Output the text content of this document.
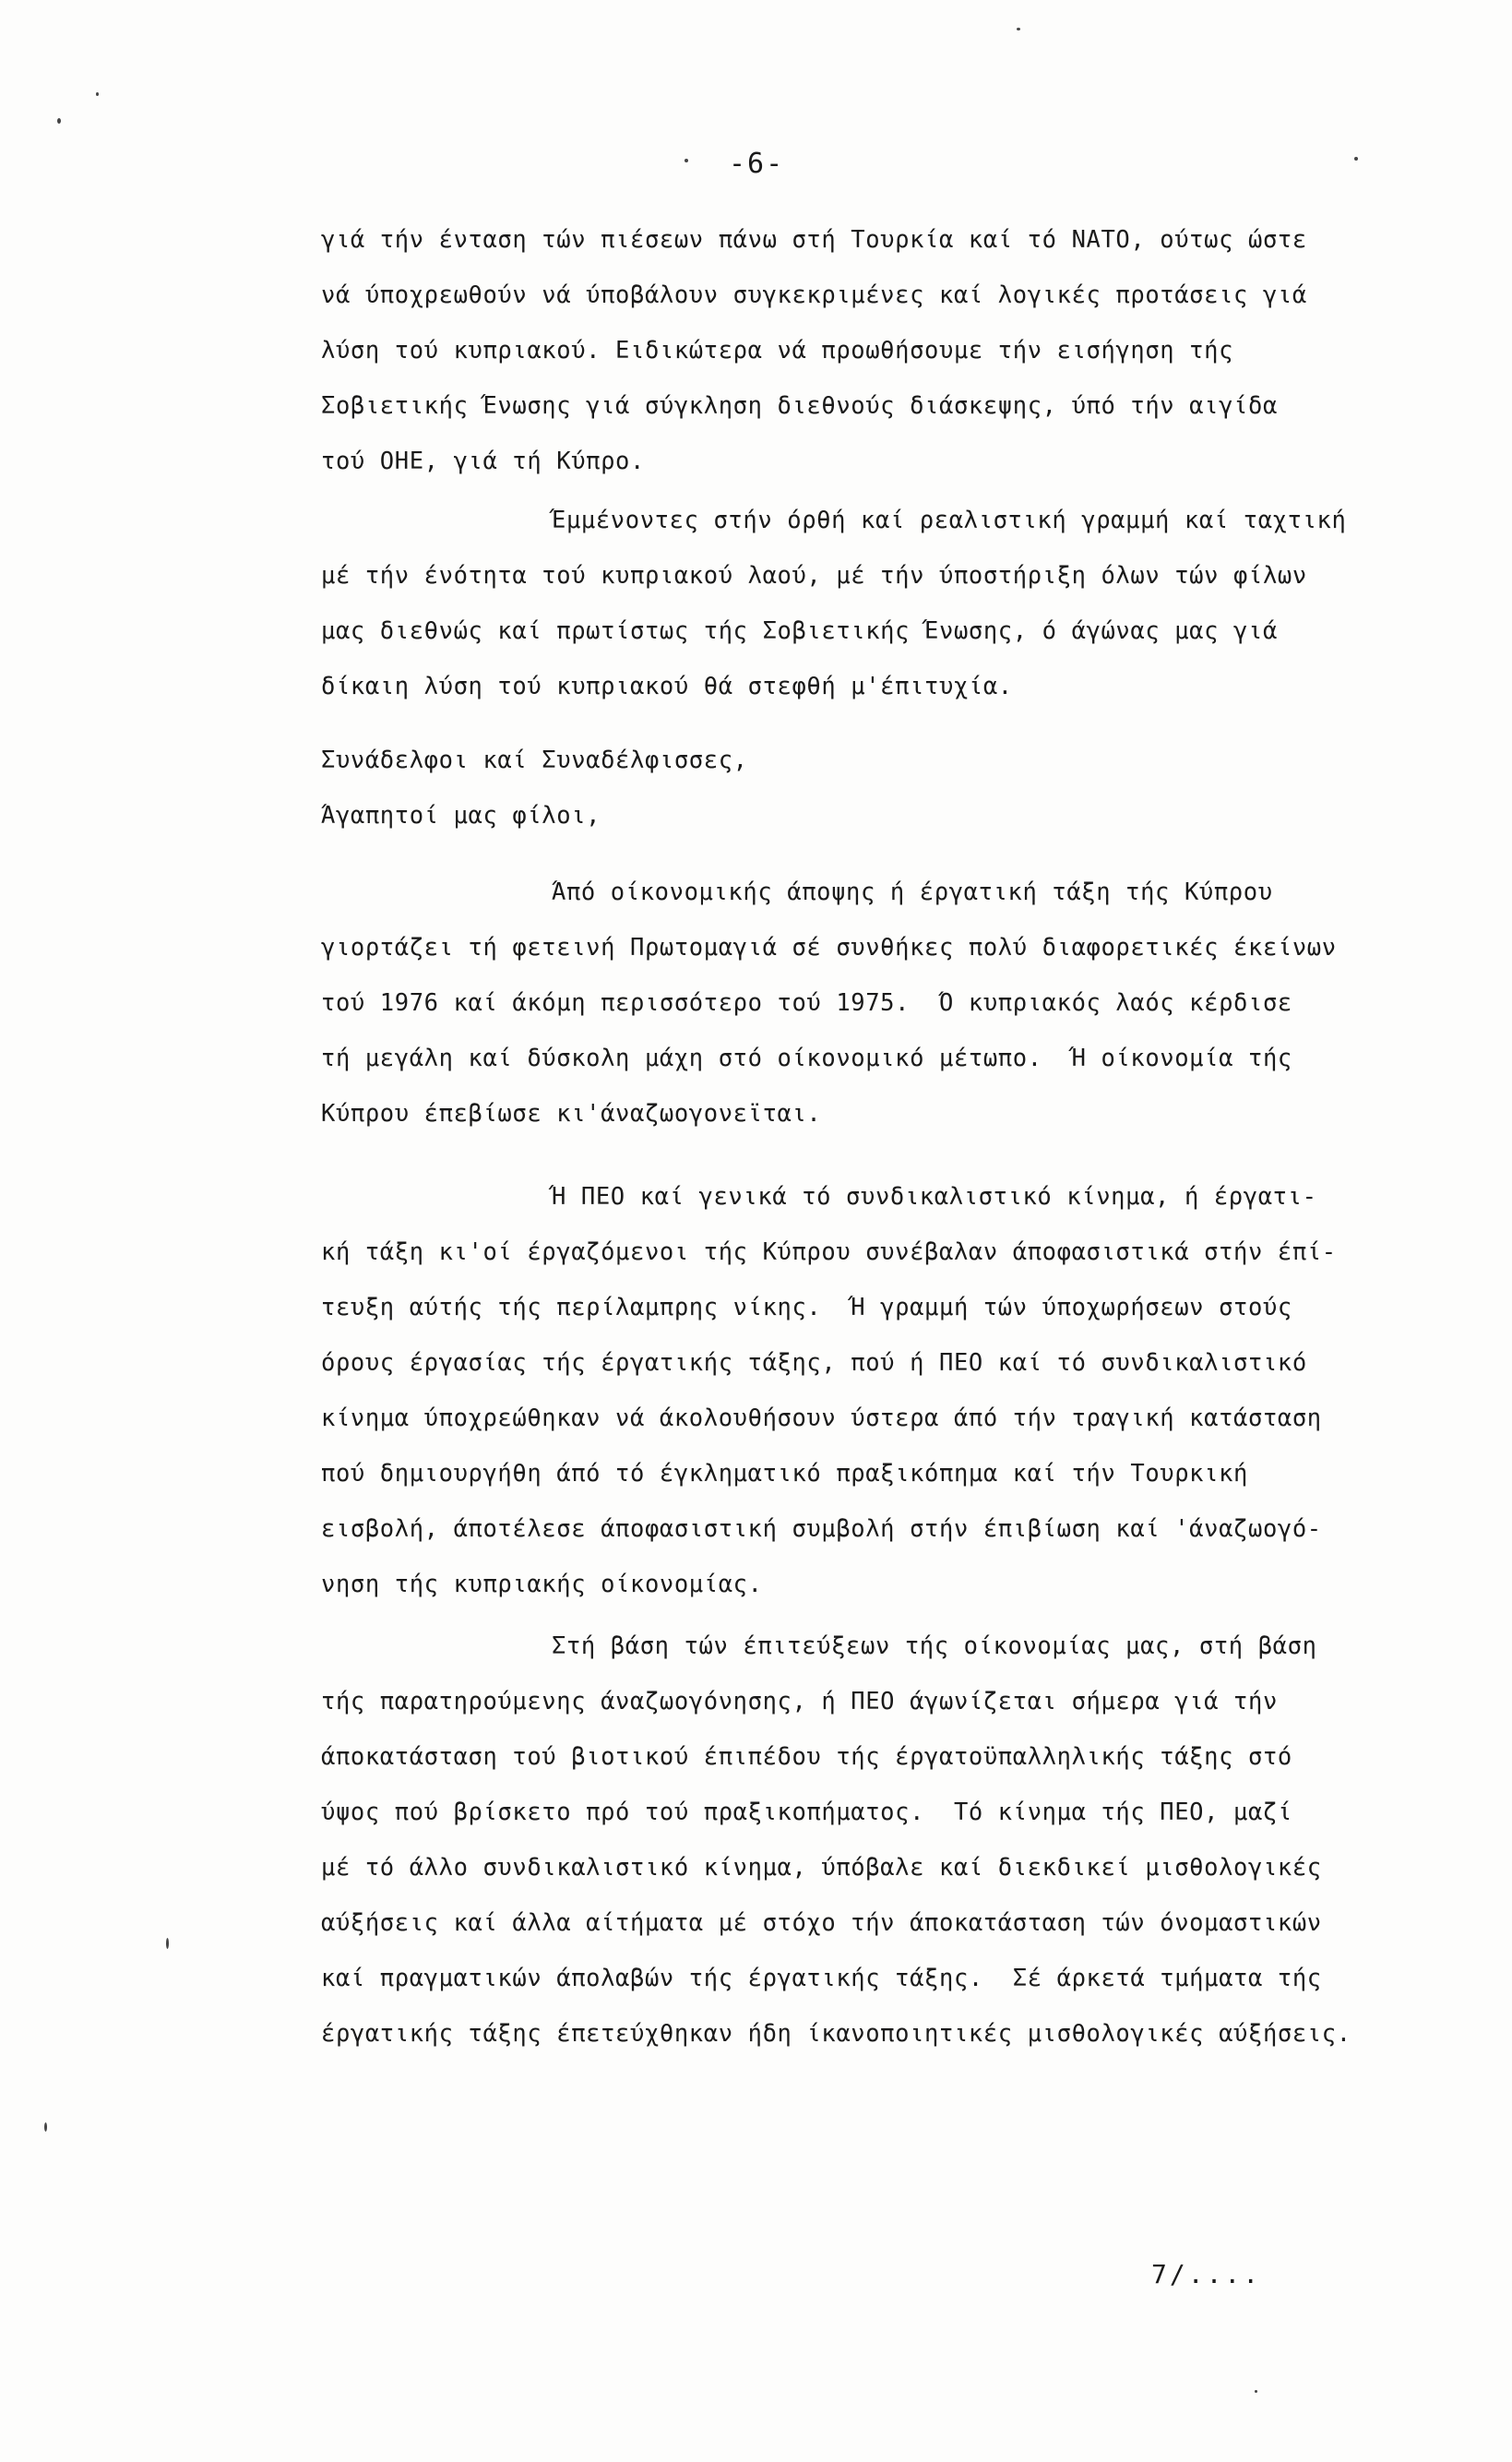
-6-
γιά τήν ένταση τών πιέσεων πάνω στή Τουρκία καί τό ΝΑΤΟ, ούτως ώστε
νά ύποχρεωθούν νά ύποβάλουν συγκεκριμένες καί λογικές προτάσεις γιά
λύση τού κυπριακού. Ειδικώτερα νά προωθήσουμε τήν εισήγηση τής
Σοβιετικής Ένωσης γιά σύγκληση διεθνούς διάσκεψης, ύπό τήν αιγίδα
τού ΟΗΕ, γιά τή Κύπρο.
Έμμένοντες στήν όρθή καί ρεαλιστική γραμμή καί ταχτική
μέ τήν ένότητα τού κυπριακού λαού, μέ τήν ύποστήριξη όλων τών φίλων
μας διεθνώς καί πρωτίστως τής Σοβιετικής Ένωσης, ό άγώνας μας γιά
δίκαιη λύση τού κυπριακού θά στεφθή μ'έπιτυχία.
Συνάδελφοι καί Συναδέλφισσες,
Άγαπητοί μας φίλοι,
Άπό οίκονομικής άποψης ή έργατική τάξη τής Κύπρου
γιορτάζει τή φετεινή Πρωτομαγιά σέ συνθήκες πολύ διαφορετικές έκείνων
τού 1976 καί άκόμη περισσότερο τού 1975.  Ό κυπριακός λαός κέρδισε
τή μεγάλη καί δύσκολη μάχη στό οίκονομικό μέτωπο.  Ή οίκονομία τής
Κύπρου έπεβίωσε κι'άναζωογονεϊται.
Ή ΠΕΟ καί γενικά τό συνδικαλιστικό κίνημα, ή έργατι-
κή τάξη κι'οί έργαζόμενοι τής Κύπρου συνέβαλαν άποφασιστικά στήν έπί-
τευξη αύτής τής περίλαμπρης νίκης.  Ή γραμμή τών ύποχωρήσεων στούς
όρους έργασίας τής έργατικής τάξης, πού ή ΠΕΟ καί τό συνδικαλιστικό
κίνημα ύποχρεώθηκαν νά άκολουθήσουν ύστερα άπό τήν τραγική κατάσταση
πού δημιουργήθη άπό τό έγκληματικό πραξικόπημα καί τήν Τουρκική
εισβολή, άποτέλεσε άποφασιστική συμβολή στήν έπιβίωση καί 'άναζωογό-
νηση τής κυπριακής οίκονομίας.
Στή βάση τών έπιτεύξεων τής οίκονομίας μας, στή βάση
τής παρατηρούμενης άναζωογόνησης, ή ΠΕΟ άγωνίζεται σήμερα γιά τήν
άποκατάσταση τού βιοτικού έπιπέδου τής έργατοϋπαλληλικής τάξης στό
ύψος πού βρίσκετο πρό τού πραξικοπήματος.  Τό κίνημα τής ΠΕΟ, μαζί
μέ τό άλλο συνδικαλιστικό κίνημα, ύπόβαλε καί διεκδικεί μισθολογικές
αύξήσεις καί άλλα αίτήματα μέ στόχο τήν άποκατάσταση τών όνομαστικών
καί πραγματικών άπολαβών τής έργατικής τάξης.  Σέ άρκετά τμήματα τής
έργατικής τάξης έπετεύχθηκαν ήδη ίκανοποιητικές μισθολογικές αύξήσεις.
7/....
